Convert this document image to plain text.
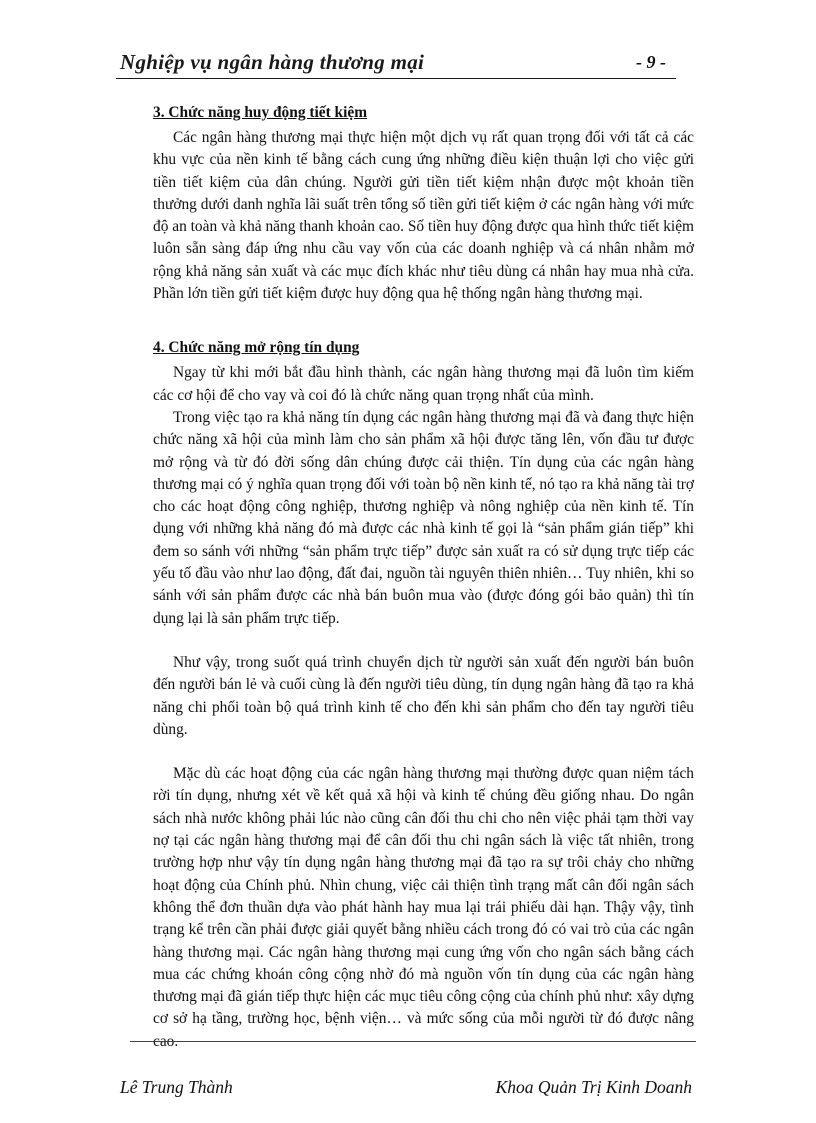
Nghiệp vụ ngân hàng thương mại	- 9 -

3. Chức năng huy động tiết kiệm

Các ngân hàng thương mại thực hiện một dịch vụ rất quan trọng đối với tất cả các khu vực của nền kinh tế bằng cách cung ứng những điều kiện thuận lợi cho việc gửi tiền tiết kiệm của dân chúng. Người gửi tiền tiết kiệm nhận được một khoản tiền thưởng dưới danh nghĩa lãi suất trên tổng số tiền gửi tiết kiệm ở các ngân hàng với mức độ an toàn và khả năng thanh khoản cao. Số tiền huy động được qua hình thức tiết kiệm luôn sẵn sàng đáp ứng nhu cầu vay vốn của các doanh nghiệp và cá nhân nhằm mở rộng khả năng sản xuất và các mục đích khác như tiêu dùng cá nhân hay mua nhà cửa. Phần lớn tiền gửi tiết kiệm được huy động qua hệ thống ngân hàng thương mại.

4. Chức năng mở rộng tín dụng

Ngay từ khi mới bắt đầu hình thành, các ngân hàng thương mại đã luôn tìm kiếm các cơ hội để cho vay và coi đó là chức năng quan trọng nhất của mình.

Trong việc tạo ra khả năng tín dụng các ngân hàng thương mại đã và đang thực hiện chức năng xã hội của mình làm cho sản phẩm xã hội được tăng lên, vốn đầu tư được mở rộng và từ đó đời sống dân chúng được cải thiện. Tín dụng của các ngân hàng thương mại có ý nghĩa quan trọng đối với toàn bộ nền kinh tế, nó tạo ra khả năng tài trợ cho các hoạt động công nghiệp, thương nghiệp và nông nghiệp của nền kinh tế. Tín dụng với những khả năng đó mà được các nhà kinh tế gọi là “sản phẩm gián tiếp” khi đem so sánh với những “sản phẩm trực tiếp” được sản xuất ra có sử dụng trực tiếp các yếu tố đầu vào như lao động, đất đai, nguồn tài nguyên thiên nhiên… Tuy nhiên, khi so sánh với sản phẩm được các nhà bán buôn mua vào (được đóng gói bảo quản) thì tín dụng lại là sản phẩm trực tiếp.

Như vậy, trong suốt quá trình chuyển dịch từ người sản xuất đến người bán buôn đến người bán lẻ và cuối cùng là đến người tiêu dùng, tín dụng ngân hàng đã tạo ra khả năng chi phối toàn bộ quá trình kinh tế cho đến khi sản phẩm cho đến tay người tiêu dùng.

Mặc dù các hoạt động của các ngân hàng thương mại thường được quan niệm tách rời tín dụng, nhưng xét về kết quả xã hội và kinh tế chúng đều giống nhau. Do ngân sách nhà nước không phải lúc nào cũng cân đối thu chi cho nên việc phải tạm thời vay nợ tại các ngân hàng thương mại để cân đối thu chi ngân sách là việc tất nhiên, trong trường hợp như vậy tín dụng ngân hàng thương mại đã tạo ra sự trôi chảy cho những hoạt động của Chính phủ. Nhìn chung, việc cải thiện tình trạng mất cân đối ngân sách không thể đơn thuần dựa vào phát hành hay mua lại trái phiếu dài hạn. Thậy vậy, tình trạng kể trên cần phải được giải quyết bằng nhiều cách trong đó có vai trò của các ngân hàng thương mại. Các ngân hàng thương mại cung ứng vốn cho ngân sách bằng cách mua các chứng khoán công cộng nhờ đó mà nguồn vốn tín dụng của các ngân hàng thương mại đã gián tiếp thực hiện các mục tiêu công cộng của chính phủ như: xây dựng cơ sở hạ tầng, trường học, bệnh viện… và mức sống của mỗi người từ đó được nâng cao.

Lê Trung Thành	Khoa Quản Trị Kinh Doanh
